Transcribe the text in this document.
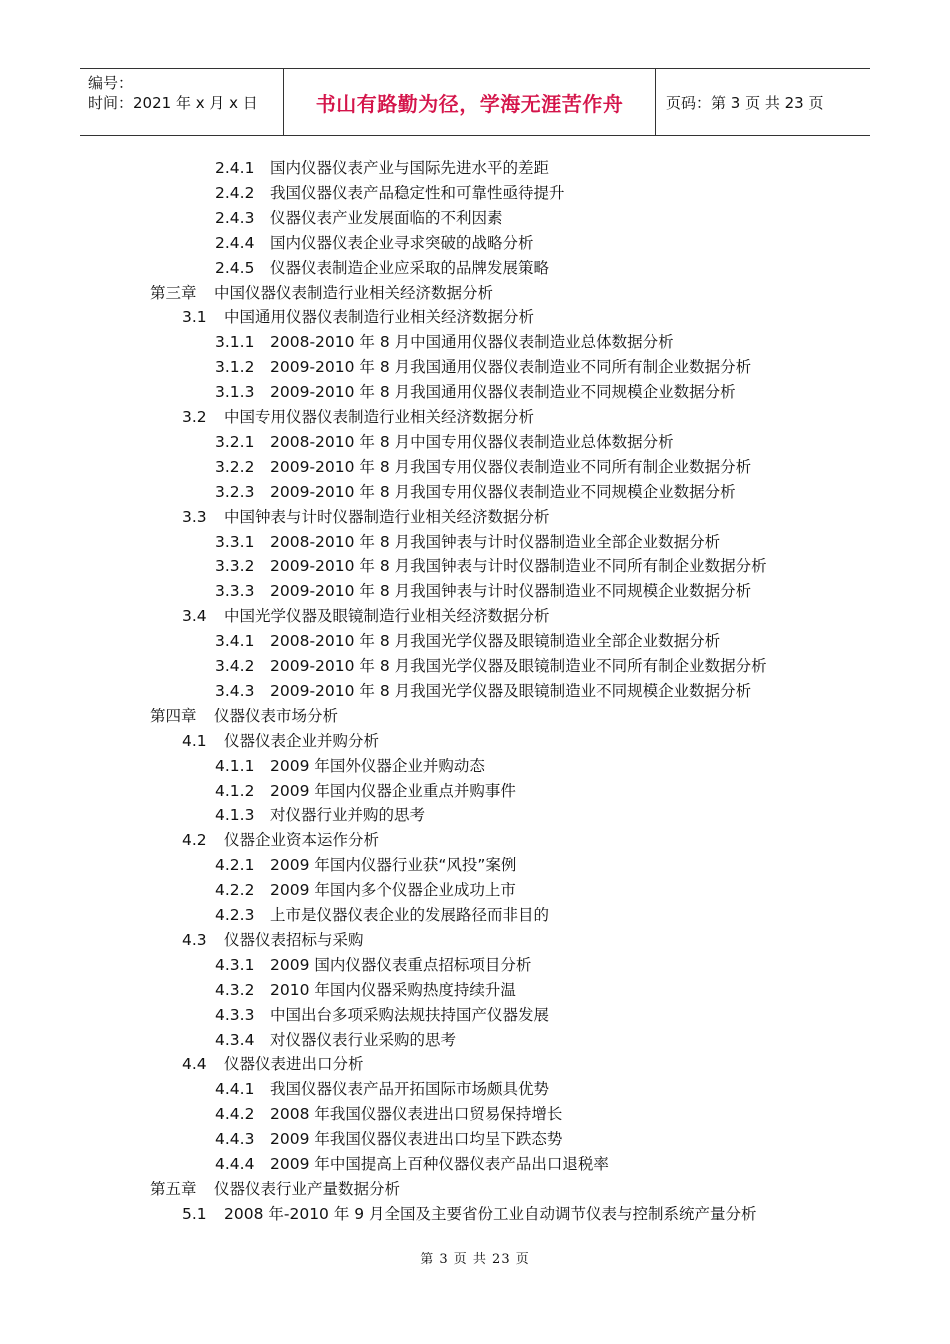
编号：
时间：2021 年 x 月 x 日	书山有路勤为径，学海无涯苦作舟	页码：第 3 页 共 23 页
2.4.1 国内仪器仪表产业与国际先进水平的差距
2.4.2 我国仪器仪表产品稳定性和可靠性亟待提升
2.4.3 仪器仪表产业发展面临的不利因素
2.4.4 国内仪器仪表企业寻求突破的战略分析
2.4.5 仪器仪表制造企业应采取的品牌发展策略
第三章 中国仪器仪表制造行业相关经济数据分析
3.1 中国通用仪器仪表制造行业相关经济数据分析
3.1.1 2008-2010 年 8 月中国通用仪器仪表制造业总体数据分析
3.1.2 2009-2010 年 8 月我国通用仪器仪表制造业不同所有制企业数据分析
3.1.3 2009-2010 年 8 月我国通用仪器仪表制造业不同规模企业数据分析
3.2 中国专用仪器仪表制造行业相关经济数据分析
3.2.1 2008-2010 年 8 月中国专用仪器仪表制造业总体数据分析
3.2.2 2009-2010 年 8 月我国专用仪器仪表制造业不同所有制企业数据分析
3.2.3 2009-2010 年 8 月我国专用仪器仪表制造业不同规模企业数据分析
3.3 中国钟表与计时仪器制造行业相关经济数据分析
3.3.1 2008-2010 年 8 月我国钟表与计时仪器制造业全部企业数据分析
3.3.2 2009-2010 年 8 月我国钟表与计时仪器制造业不同所有制企业数据分析
3.3.3 2009-2010 年 8 月我国钟表与计时仪器制造业不同规模企业数据分析
3.4 中国光学仪器及眼镜制造行业相关经济数据分析
3.4.1 2008-2010 年 8 月我国光学仪器及眼镜制造业全部企业数据分析
3.4.2 2009-2010 年 8 月我国光学仪器及眼镜制造业不同所有制企业数据分析
3.4.3 2009-2010 年 8 月我国光学仪器及眼镜制造业不同规模企业数据分析
第四章 仪器仪表市场分析
4.1 仪器仪表企业并购分析
4.1.1 2009 年国外仪器企业并购动态
4.1.2 2009 年国内仪器企业重点并购事件
4.1.3 对仪器行业并购的思考
4.2 仪器企业资本运作分析
4.2.1 2009 年国内仪器行业获“风投”案例
4.2.2 2009 年国内多个仪器企业成功上市
4.2.3 上市是仪器仪表企业的发展路径而非目的
4.3 仪器仪表招标与采购
4.3.1 2009 国内仪器仪表重点招标项目分析
4.3.2 2010 年国内仪器采购热度持续升温
4.3.3 中国出台多项采购法规扶持国产仪器发展
4.3.4 对仪器仪表行业采购的思考
4.4 仪器仪表进出口分析
4.4.1 我国仪器仪表产品开拓国际市场颇具优势
4.4.2 2008 年我国仪器仪表进出口贸易保持增长
4.4.3 2009 年我国仪器仪表进出口均呈下跌态势
4.4.4 2009 年中国提高上百种仪器仪表产品出口退税率
第五章 仪器仪表行业产量数据分析
5.1 2008 年-2010 年 9 月全国及主要省份工业自动调节仪表与控制系统产量分析
第 3 页 共 23 页
